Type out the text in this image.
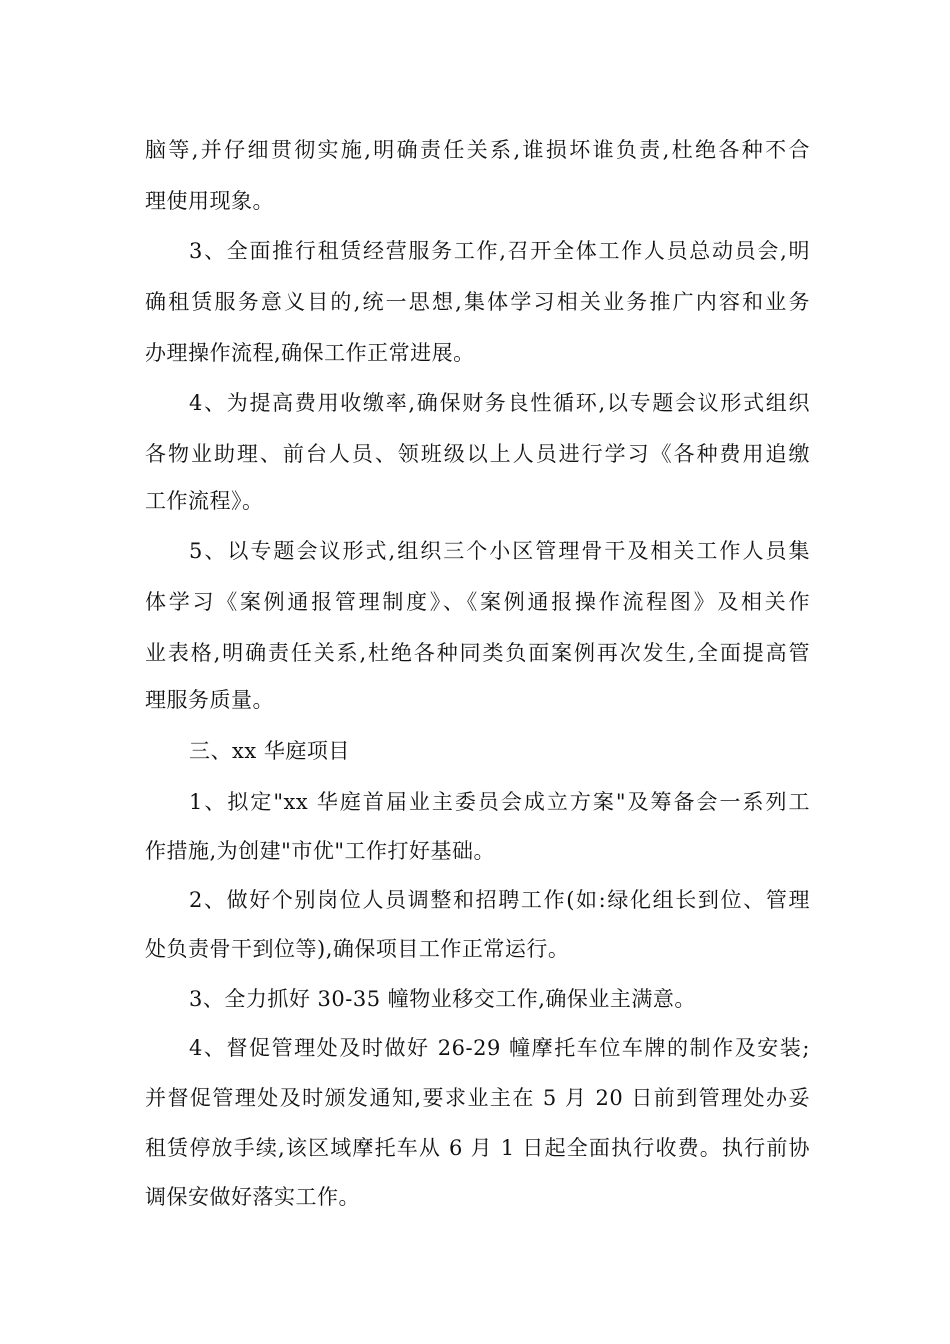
脑等,并仔细贯彻实施,明确责任关系,谁损坏谁负责,杜绝各种不合
理使用现象。
3、全面推行租赁经营服务工作,召开全体工作人员总动员会,明
确租赁服务意义目的,统一思想,集体学习相关业务推广内容和业务
办理操作流程,确保工作正常进展。
4、为提高费用收缴率,确保财务良性循环,以专题会议形式组织
各物业助理、前台人员、领班级以上人员进行学习《各种费用追缴
工作流程》。
5、以专题会议形式,组织三个小区管理骨干及相关工作人员集
体学习《案例通报管理制度》、《案例通报操作流程图》及相关作
业表格,明确责任关系,杜绝各种同类负面案例再次发生,全面提高管
理服务质量。
三、xx 华庭项目
1、拟定"xx 华庭首届业主委员会成立方案"及筹备会一系列工
作措施,为创建"市优"工作打好基础。
2、做好个别岗位人员调整和招聘工作(如:绿化组长到位、管理
处负责骨干到位等),确保项目工作正常运行。
3、全力抓好 30-35 幢物业移交工作,确保业主满意。
4、督促管理处及时做好 26-29 幢摩托车位车牌的制作及安装;
并督促管理处及时颁发通知,要求业主在 5 月 20 日前到管理处办妥
租赁停放手续,该区域摩托车从 6 月 1 日起全面执行收费。执行前协
调保安做好落实工作。
